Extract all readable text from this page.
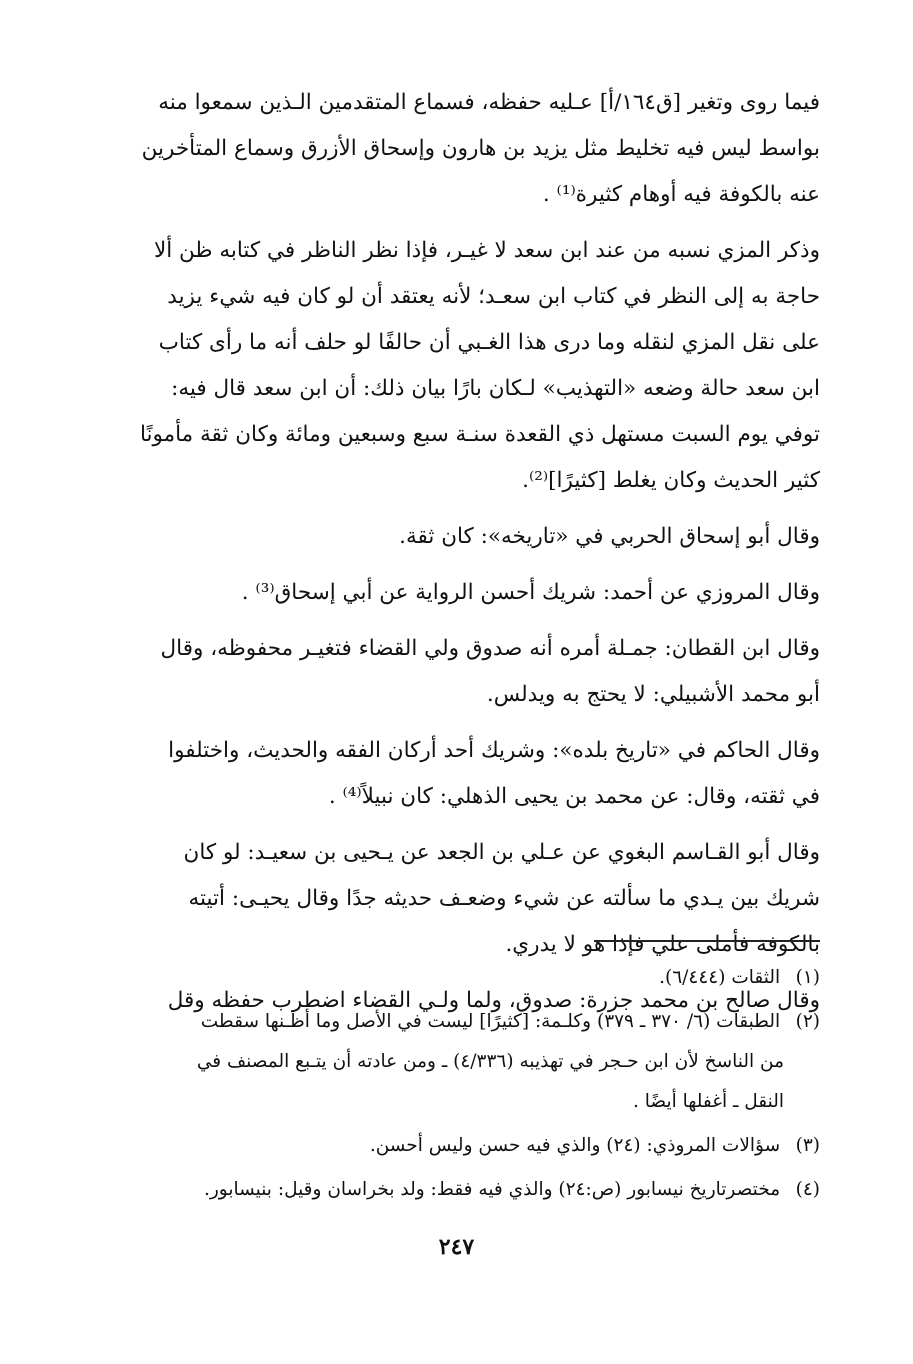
فيما روى وتغير [ق١٦٤/أ] عـليه حفظه، فسماع المتقدمين الـذين سمعوا منه
بواسط ليس فيه تخليط مثل يزيد بن هارون وإسحاق الأزرق وسماع المتأخرين
عنه بالكوفة فيه أوهام كثيرة⁽¹⁾ .

وذكر المزي نسبه من عند ابن سعد لا غيـر، فإذا نظر الناظر في كتابه ظن ألا
حاجة به إلى النظر في كتاب ابن سعـد؛ لأنه يعتقد أن لو كان فيه شيء يزيد
على نقل المزي لنقله وما درى هذا الغـبي أن حالفًا لو حلف أنه ما رأى كتاب
ابن سعد حالة وضعه «التهذيب» لـكان بارًا بيان ذلك: أن ابن سعد قال فيه:
توفي يوم السبت مستهل ذي القعدة سنـة سبع وسبعين ومائة وكان ثقة مأمونًا
كثير الحديث وكان يغلط [كثيرًا]⁽²⁾.

وقال أبو إسحاق الحربي في «تاريخه»: كان ثقة.

وقال المروزي عن أحمد: شريك أحسن الرواية عن أبي إسحاق⁽³⁾ .

وقال ابن القطان: جمـلة أمره أنه صدوق ولي القضاء فتغيـر محفوظه، وقال
أبو محمد الأشبيلي: لا يحتج به ويدلس.

وقال الحاكم في «تاريخ بلده»: وشريك أحد أركان الفقه والحديث، واختلفوا
في ثقته، وقال: عن محمد بن يحيى الذهلي: كان نبيلاً⁽⁴⁾ .

وقال أبو القـاسم البغوي عن عـلي بن الجعد عن يـحيى بن سعيـد: لو كان
شريك بين يـدي ما سألته عن شيء وضعـف حديثه جدًا وقال يحيـى: أتيته
بالكوفة فأملى علي فإذا هو لا يدري.

وقال صالح بن محمد جزرة: صدوق، ولما ولـي القضاء اضطرب حفظه وقل

(١) الثقات (٦/٤٤٤).
(٢) الطبقات (٦/ ٣٧٠ ـ ٣٧٩) وكلـمة: [كثيرًا] ليست في الأصل وما أظـنها سقطت
من الناسخ لأن ابن حـجر في تهذيبه (٤/٣٣٦) ـ ومن عادته أن يتـبع المصنف في
النقل ـ أغفلها أيضًا .
(٣) سؤالات المروذي: (٢٤) والذي فيه حسن وليس أحسن.
(٤) مختصرتاريخ نيسابور (ص:٢٤) والذي فيه فقط: ولد بخراسان وقيل: بنيسابور.
٢٤٧
